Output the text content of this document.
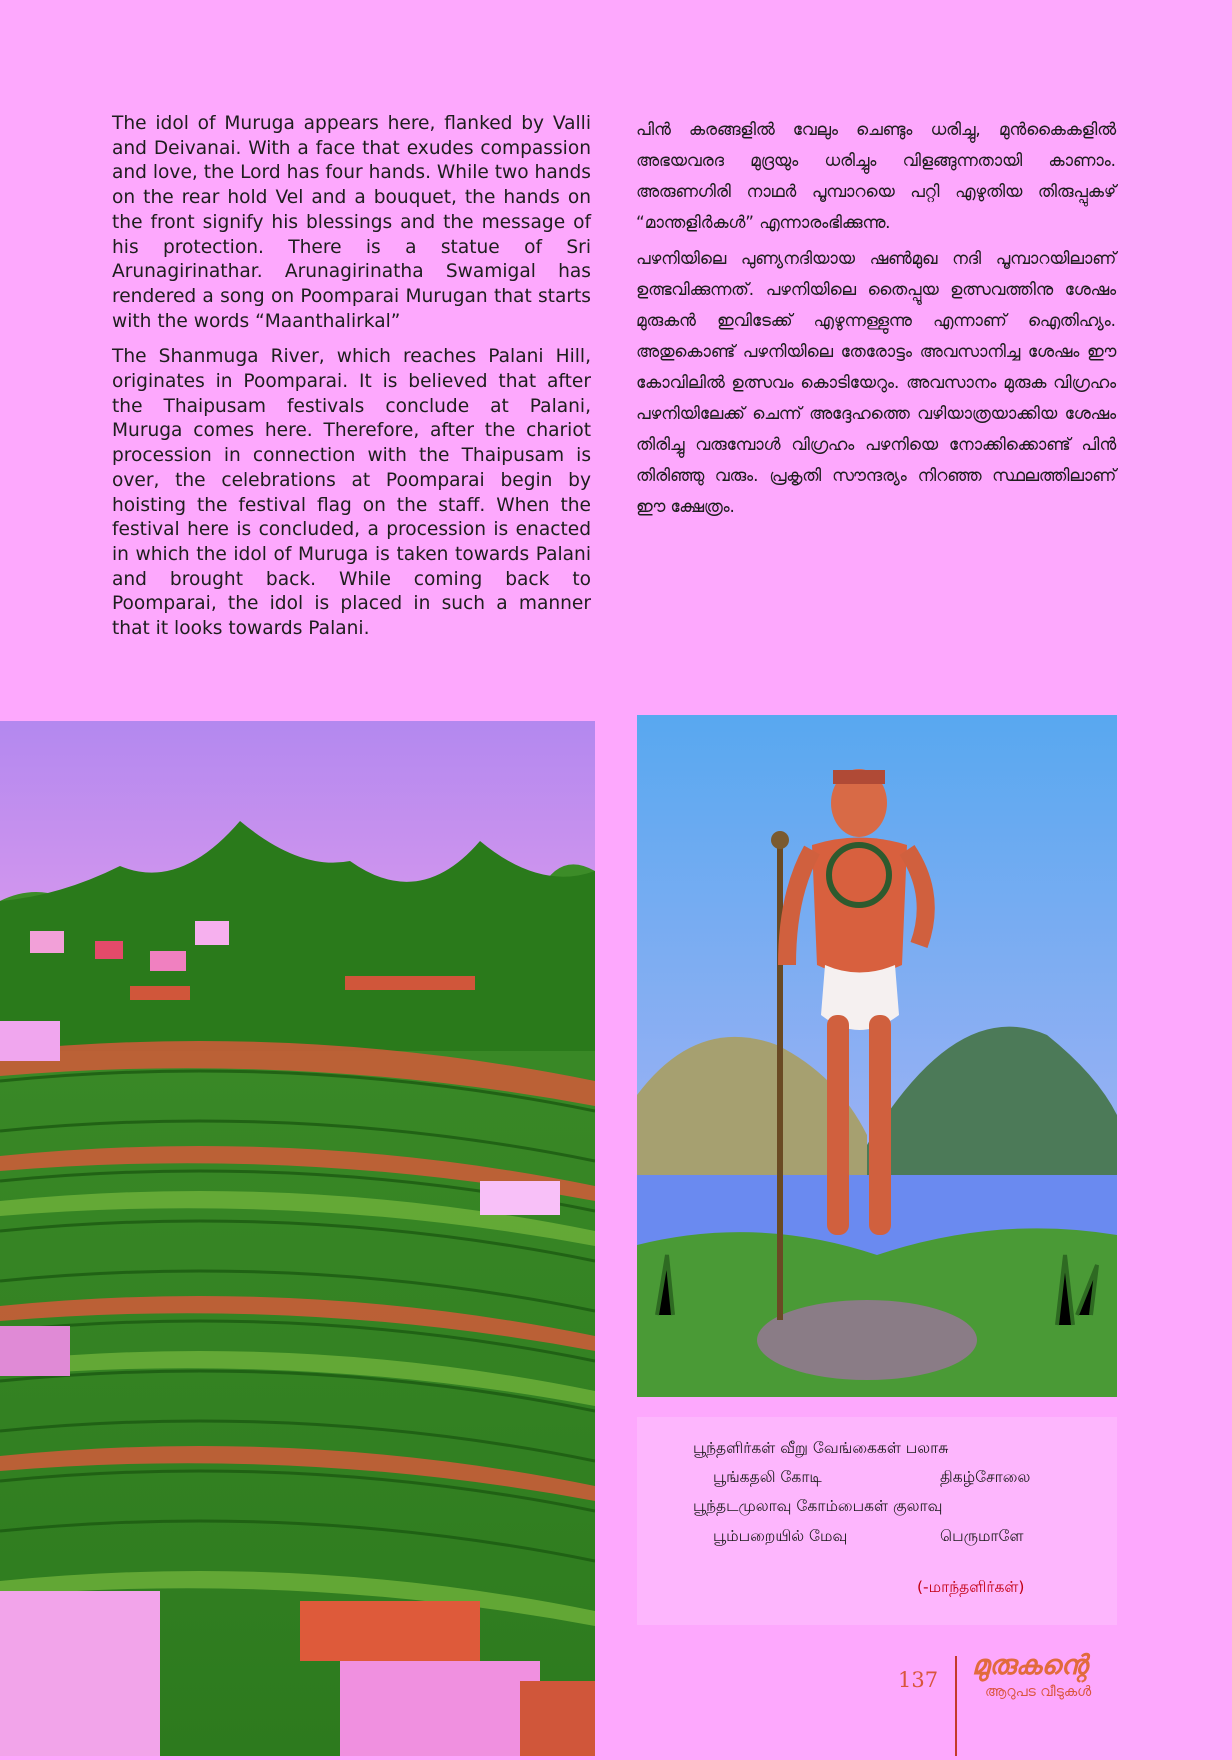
The idol of Muruga appears here, flanked by Valli and Deivanai. With a face that exudes compassion and love, the Lord has four hands. While two hands on the rear hold Vel and a bouquet, the hands on the front signify his blessings and the message of his protection. There is a statue of Sri Arunagirinathar. Arunagirinatha Swamigal has rendered a song on Poomparai Murugan that starts with the words “Maanthalirkal”

The Shanmuga River, which reaches Palani Hill, originates in Poomparai. It is believed that after the Thaipusam festivals conclude at Palani, Muruga comes here. Therefore, after the chariot procession in connection with the Thaipusam is over, the celebrations at Poomparai begin by hoisting the festival flag on the staff. When the festival here is concluded, a procession is enacted in which the idol of Muruga is taken towards Palani and brought back. While coming back to Poomparai, the idol is placed in such a manner that it looks towards Palani.

പിൻ കരങ്ങളിൽ വേലും ചെണ്ടും ധരിച്ചു, മുൻകൈകളിൽ അഭയവരദ മുദ്രയും ധരിച്ചും വിളങ്ങുന്നതായി കാണാം. അരുണഗിരി നാഥർ പൂമ്പാറയെ പറ്റി എഴുതിയ തിരുപ്പുകഴ് “മാന്തളിർകൾ” എന്നാരംഭിക്കുന്നു.

പഴനിയിലെ പുണ്യനദിയായ ഷൺമുഖ നദി പൂമ്പാറയിലാണ് ഉത്ഭവിക്കുന്നത്. പഴനിയിലെ തൈപ്പൂയ ഉത്സവത്തിനു ശേഷം മുരുകൻ ഇവിടേക്ക് എഴുന്നള്ളുന്നു എന്നാണ് ഐതിഹ്യം. അതുകൊണ്ട് പഴനിയിലെ തേരോട്ടം അവസാനിച്ച ശേഷം ഈ കോവിലിൽ ഉത്സവം കൊടിയേറും. അവസാനം മുരുക വിഗ്രഹം പഴനിയിലേക്ക് ചെന്ന് അദ്ദേഹത്തെ വഴിയാത്രയാക്കിയ ശേഷം തിരിച്ചു വരുമ്പോൾ വിഗ്രഹം പഴനിയെ നോക്കിക്കൊണ്ട് പിൻ തിരിഞ്ഞു വരും. പ്രകൃതി സൗന്ദര്യം നിറഞ്ഞ സ്ഥലത്തിലാണ് ഈ ക്ഷേത്രം.

பூந்தளிர்கள் வீறு வேங்கைகள் பலாசு
பூங்கதலி கோடி	திகழ்சோலை
பூந்தடமுலாவு கோம்பைகள் குலாவு
பூம்பறையில் மேவு	பெருமாளே
(-மாந்தளிர்கள்)
137 മുരുകന്റെ
ആറുപട വീടുകൾ
